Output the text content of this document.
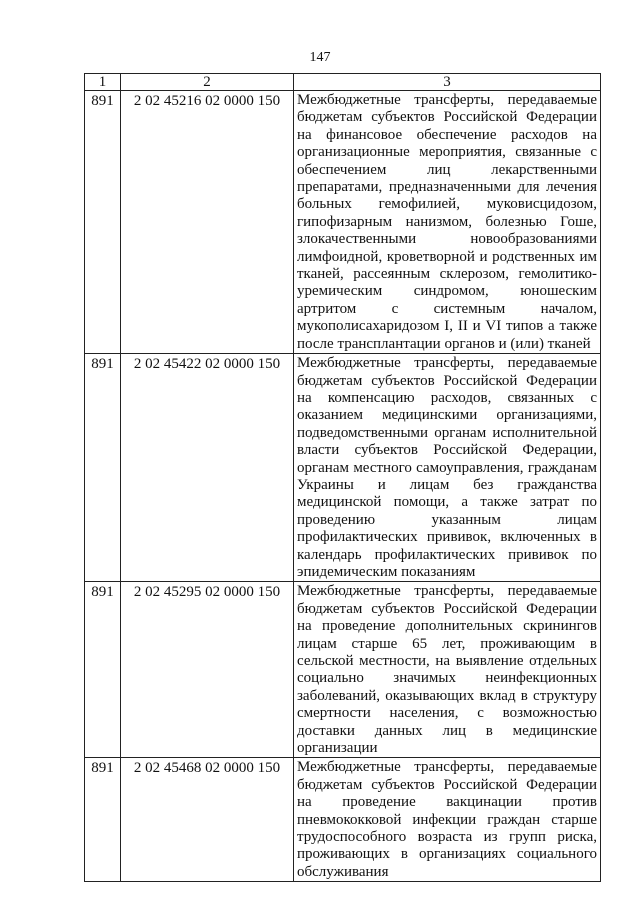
147
1	2	3
891	2 02 45216 02 0000 150	Межбюджетные трансферты, передаваемые бюджетам субъектов Российской Федерации на финансовое обеспечение расходов на организационные мероприятия, связанные с обеспечением лиц лекарственными препаратами, предназначенными для лечения больных гемофилией, муковисцидозом, гипофизарным нанизмом, болезнью Гоше, злокачественными новообразованиями лимфоидной, кроветворной и родственных им тканей, рассеянным склерозом, гемолитико-уремическим синдромом, юношеским артритом с системным началом, мукополисахаридозом I, II и VI типов а также после трансплантации органов и (или) тканей
891	2 02 45422 02 0000 150	Межбюджетные трансферты, передаваемые бюджетам субъектов Российской Федерации на компенсацию расходов, связанных с оказанием медицинскими организациями, подведомственными органам исполнительной власти субъектов Российской Федерации, органам местного самоуправления, гражданам Украины и лицам без гражданства медицинской помощи, а также затрат по проведению указанным лицам профилактических прививок, включенных в календарь профилактических прививок по эпидемическим показаниям
891	2 02 45295 02 0000 150	Межбюджетные трансферты, передаваемые бюджетам субъектов Российской Федерации на проведение дополнительных скринингов лицам старше 65 лет, проживающим в сельской местности, на выявление отдельных социально значимых неинфекционных заболеваний, оказывающих вклад в структуру смертности населения, с возможностью доставки данных лиц в медицинские организации
891	2 02 45468 02 0000 150	Межбюджетные трансферты, передаваемые бюджетам субъектов Российской Федерации на проведение вакцинации против пневмококковой инфекции граждан старше трудоспособного возраста из групп риска, проживающих в организациях социального обслуживания
